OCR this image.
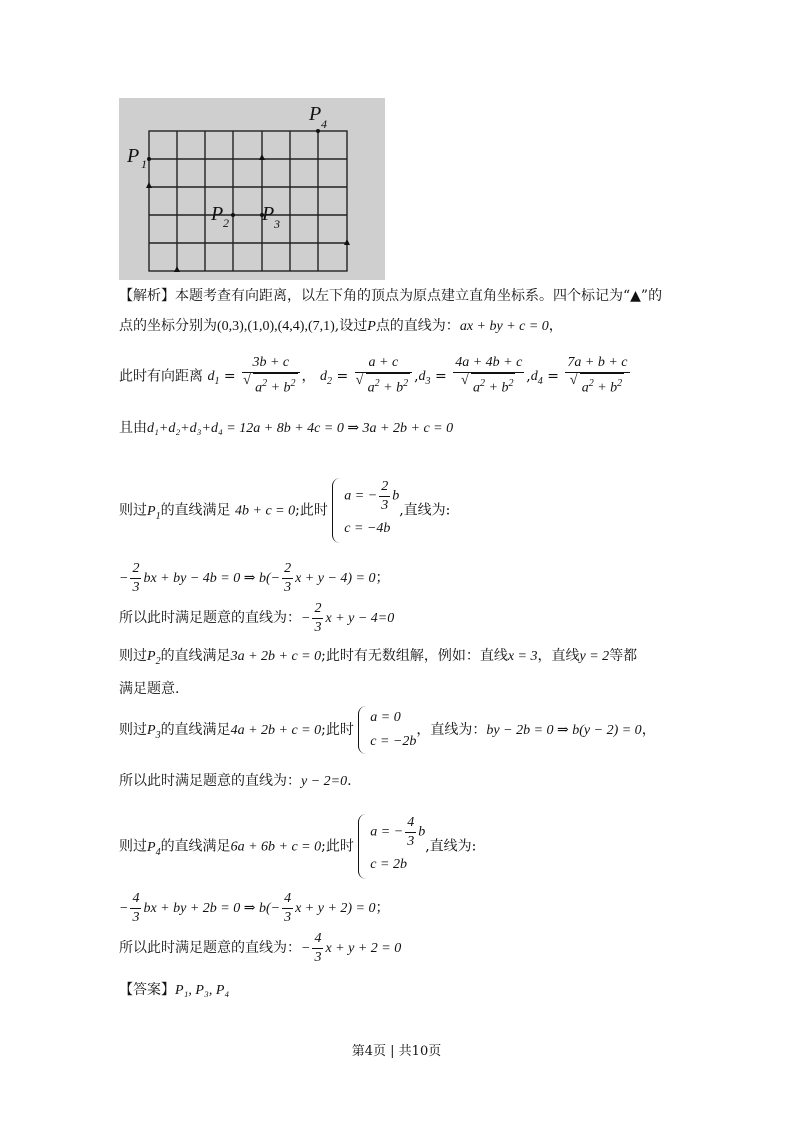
P 1
P 2 P 3
P 4
【解析】本题考查有向距离，以左下角的顶点为原点建立直角坐标系。四个标记为“▲”的
点的坐标分别为(0,3),(1,0),(4,4),(7,1),设过P点的直线为：ax + by + c = 0，
此时有向距离 $d_1 = 3b + c$
√ $a^2 + b^2$ ， $d_2 = a + c$
√ $a^2 + b^2$ $,d_3 = 4a + 4b + c$
√ $a^2 + b^2$ $,d_4 = 7a + b + c$
√ $a^2 + b^2$
且由d₁+d₂+d₃+d₄ = 12a + 8b + 4c = 0 ⇒ 3a + 2b + c = 0
则过$P_1$的直线满足 4b + c = 0;此时
a = − $\frac{2}{3}$ b
c = −4b
,直线为:
− $\frac{2}{3}$ bx + by − 4b = 0 ⇒ $b(- \frac{2}{3}$ x + y − 4) = 0；
所以此时满足题意的直线为：− $\frac{2}{3}$ x + y − 4=0
则过$P_2$的直线满足3a + 2b + c = 0;此时有无数组解，例如：直线x = 3，直线y = 2等都
满足题意.
则过$P_3$的直线满足4a + 2b + c = 0;此时
a = 0
c = −2b
，直线为：by − 2b = 0 ⇒ b(y − 2) = 0，
所以此时满足题意的直线为：y − 2=0.
则过$P_4$的直线满足6a + 6b + c = 0;此时
a = − $\frac{4}{3}$ b
c = 2b
,直线为:
− $\frac{4}{3}$ bx + by + 2b = 0 ⇒ $b(- \frac{4}{3}$ x + y + 2) = 0；
所以此时满足题意的直线为：− $\frac{4}{3}$ x + y + 2 = 0
【答案】P₁, P₃, P₄
第4页 | 共10页
